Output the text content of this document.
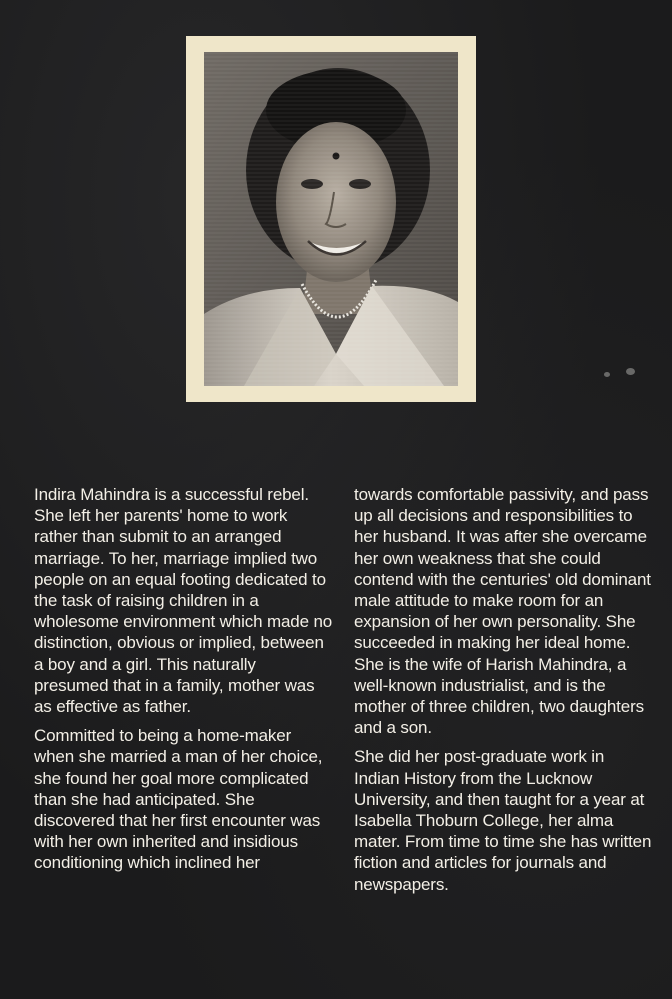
Indira Mahindra is a successful rebel. She left her parents' home to work rather than submit to an arranged marriage. To her, marriage implied two people on an equal footing dedicated to the task of raising children in a wholesome environment which made no distinction, obvious or implied, between a boy and a girl. This naturally presumed that in a family, mother was as effective as father.

Committed to being a home-maker when she married a man of her choice, she found her goal more complicated than she had anticipated. She discovered that her first encounter was with her own inherited and insidious conditioning which inclined her

towards comfortable passivity, and pass up all decisions and responsibilities to her husband. It was after she overcame her own weakness that she could contend with the centuries' old dominant male attitude to make room for an expansion of her own personality. She succeeded in making her ideal home. She is the wife of Harish Mahindra, a well-known industrialist, and is the mother of three children, two daughters and a son.

She did her post-graduate work in Indian History from the Lucknow University, and then taught for a year at Isabella Thoburn College, her alma mater. From time to time she has written fiction and articles for journals and newspapers.
